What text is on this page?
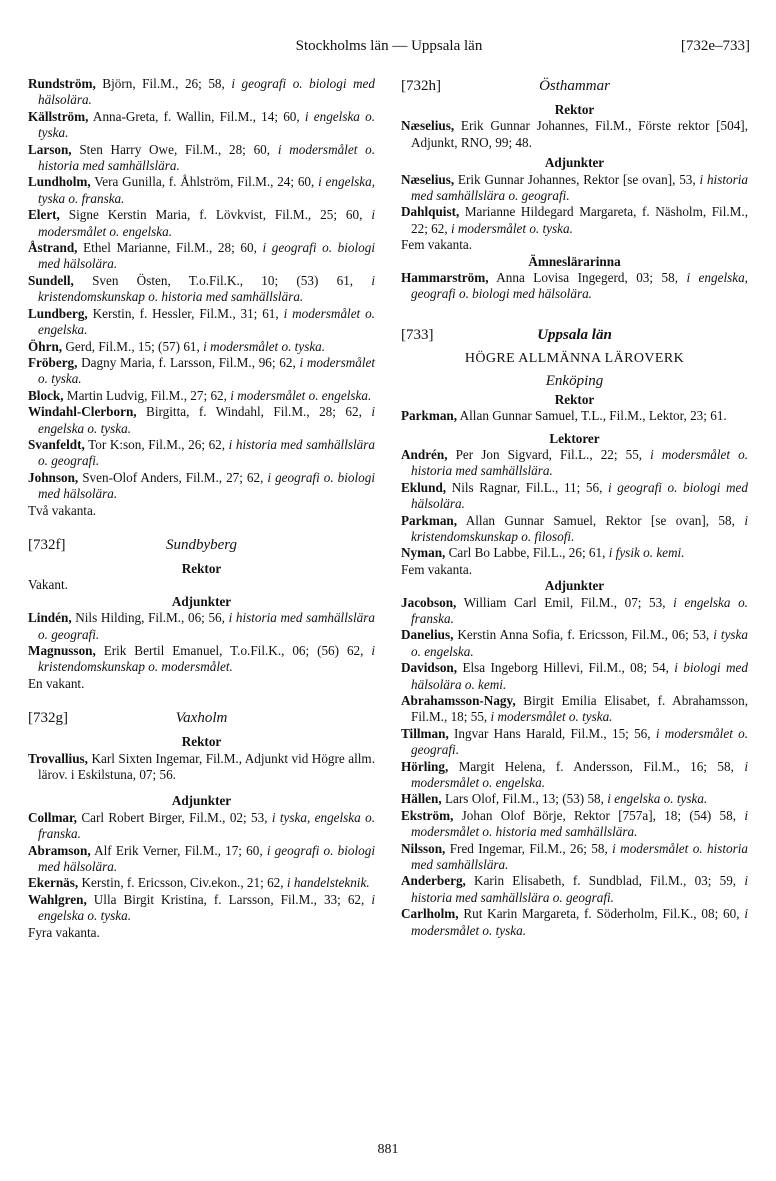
Stockholms län — Uppsala län	[732e–733]

Rundström, Björn, Fil.M., 26; 58, i geografi o. biologi med hälsolära.

Källström, Anna-Greta, f. Wallin, Fil.M., 14; 60, i engelska o. tyska.

Larson, Sten Harry Owe, Fil.M., 28; 60, i modersmålet o. historia med samhällslära.

Lundholm, Vera Gunilla, f. Åhlström, Fil.M., 24; 60, i engelska, tyska o. franska.

Elert, Signe Kerstin Maria, f. Lövkvist, Fil.M., 25; 60, i modersmålet o. engelska.

Åstrand, Ethel Marianne, Fil.M., 28; 60, i geografi o. biologi med hälsolära.

Sundell, Sven Östen, T.o.Fil.K., 10; (53) 61, i kristendomskunskap o. historia med samhällslära.

Lundberg, Kerstin, f. Hessler, Fil.M., 31; 61, i modersmålet o. engelska.

Öhrn, Gerd, Fil.M., 15; (57) 61, i modersmålet o. tyska.

Fröberg, Dagny Maria, f. Larsson, Fil.M., 96; 62, i modersmålet o. tyska.

Block, Martin Ludvig, Fil.M., 27; 62, i modersmålet o. engelska.

Windahl-Clerborn, Birgitta, f. Windahl, Fil.M., 28; 62, i engelska o. tyska.

Svanfeldt, Tor K:son, Fil.M., 26; 62, i historia med samhällslära o. geografi.

Johnson, Sven-Olof Anders, Fil.M., 27; 62, i geografi o. biologi med hälsolära.

Två vakanta.

[732f]	Sundbyberg

Rektor

Vakant.

Adjunkter

Lindén, Nils Hilding, Fil.M., 06; 56, i historia med samhällslära o. geografi.

Magnusson, Erik Bertil Emanuel, T.o.Fil.K., 06; (56) 62, i kristendomskunskap o. modersmålet.

En vakant.

[732g]	Vaxholm

Rektor

Trovallius, Karl Sixten Ingemar, Fil.M., Adjunkt vid Högre allm. lärov. i Eskilstuna, 07; 56.

Adjunkter

Collmar, Carl Robert Birger, Fil.M., 02; 53, i tyska, engelska o. franska.

Abramson, Alf Erik Verner, Fil.M., 17; 60, i geografi o. biologi med hälsolära.

Ekernäs, Kerstin, f. Ericsson, Civ.ekon., 21; 62, i handelsteknik.

Wahlgren, Ulla Birgit Kristina, f. Larsson, Fil.M., 33; 62, i engelska o. tyska.

Fyra vakanta.

[732h]	Östhammar

Rektor

Næselius, Erik Gunnar Johannes, Fil.M., Förste rektor [504], Adjunkt, RNO, 99; 48.

Adjunkter

Næselius, Erik Gunnar Johannes, Rektor [se ovan], 53, i historia med samhällslära o. geografi.

Dahlquist, Marianne Hildegard Margareta, f. Näsholm, Fil.M., 22; 62, i modersmålet o. tyska.

Fem vakanta.

Ämneslärarinna

Hammarström, Anna Lovisa Ingegerd, 03; 58, i engelska, geografi o. biologi med hälsolära.

[733]	Uppsala län

HÖGRE ALLMÄNNA LÄROVERK

Enköping

Rektor

Parkman, Allan Gunnar Samuel, T.L., Fil.M., Lektor, 23; 61.

Lektorer

Andrén, Per Jon Sigvard, Fil.L., 22; 55, i modersmålet o. historia med samhällslära.

Eklund, Nils Ragnar, Fil.L., 11; 56, i geografi o. biologi med hälsolära.

Parkman, Allan Gunnar Samuel, Rektor [se ovan], 58, i kristendomskunskap o. filosofi.

Nyman, Carl Bo Labbe, Fil.L., 26; 61, i fysik o. kemi.

Fem vakanta.

Adjunkter

Jacobson, William Carl Emil, Fil.M., 07; 53, i engelska o. franska.

Danelius, Kerstin Anna Sofia, f. Ericsson, Fil.M., 06; 53, i tyska o. engelska.

Davidson, Elsa Ingeborg Hillevi, Fil.M., 08; 54, i biologi med hälsolära o. kemi.

Abrahamsson-Nagy, Birgit Emilia Elisabet, f. Abrahamsson, Fil.M., 18; 55, i modersmålet o. tyska.

Tillman, Ingvar Hans Harald, Fil.M., 15; 56, i modersmålet o. geografi.

Hörling, Margit Helena, f. Andersson, Fil.M., 16; 58, i modersmålet o. engelska.

Hällen, Lars Olof, Fil.M., 13; (53) 58, i engelska o. tyska.

Ekström, Johan Olof Börje, Rektor [757a], 18; (54) 58, i modersmålet o. historia med samhällslära.

Nilsson, Fred Ingemar, Fil.M., 26; 58, i modersmålet o. historia med samhällslära.

Anderberg, Karin Elisabeth, f. Sundblad, Fil.M., 03; 59, i historia med samhällslära o. geografi.

Carlholm, Rut Karin Margareta, f. Söderholm, Fil.K., 08; 60, i modersmålet o. tyska.

881
